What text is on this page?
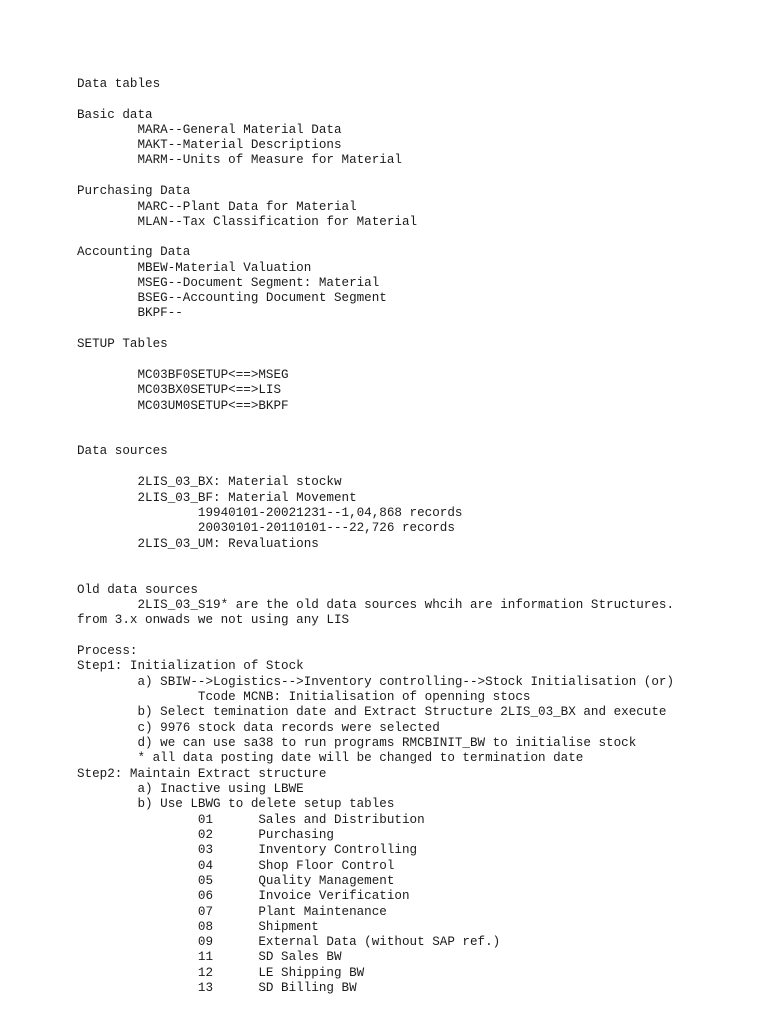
Data tables
Basic data
MARA--General Material Data
MAKT--Material Descriptions
MARM--Units of Measure for Material
Purchasing Data
MARC--Plant Data for Material
MLAN--Tax Classification for Material
Accounting Data
MBEW-Material Valuation
MSEG--Document Segment: Material
BSEG--Accounting Document Segment
BKPF--
SETUP Tables
MC03BF0SETUP<==>MSEG
MC03BX0SETUP<==>LIS
MC03UM0SETUP<==>BKPF
Data sources
2LIS_03_BX: Material stockw
2LIS_03_BF: Material Movement
19940101-20021231--1,04,868 records
20030101-20110101---22,726 records
2LIS_03_UM: Revaluations
Old data sources
2LIS_03_S19* are the old data sources whcih are information Structures.
from 3.x onwads we not using any LIS
Process:
Step1: Initialization of Stock
a) SBIW-->Logistics-->Inventory controlling-->Stock Initialisation (or)
Tcode MCNB: Initialisation of openning stocs
b) Select temination date and Extract Structure 2LIS_03_BX and execute
c) 9976 stock data records were selected
d) we can use sa38 to run programs RMCBINIT_BW to initialise stock
* all data posting date will be changed to termination date
Step2: Maintain Extract structure
a) Inactive using LBWE
b) Use LBWG to delete setup tables
01      Sales and Distribution
02      Purchasing
03      Inventory Controlling
04      Shop Floor Control
05      Quality Management
06      Invoice Verification
07      Plant Maintenance
08      Shipment
09      External Data (without SAP ref.)
11      SD Sales BW
12      LE Shipping BW
13      SD Billing BW
